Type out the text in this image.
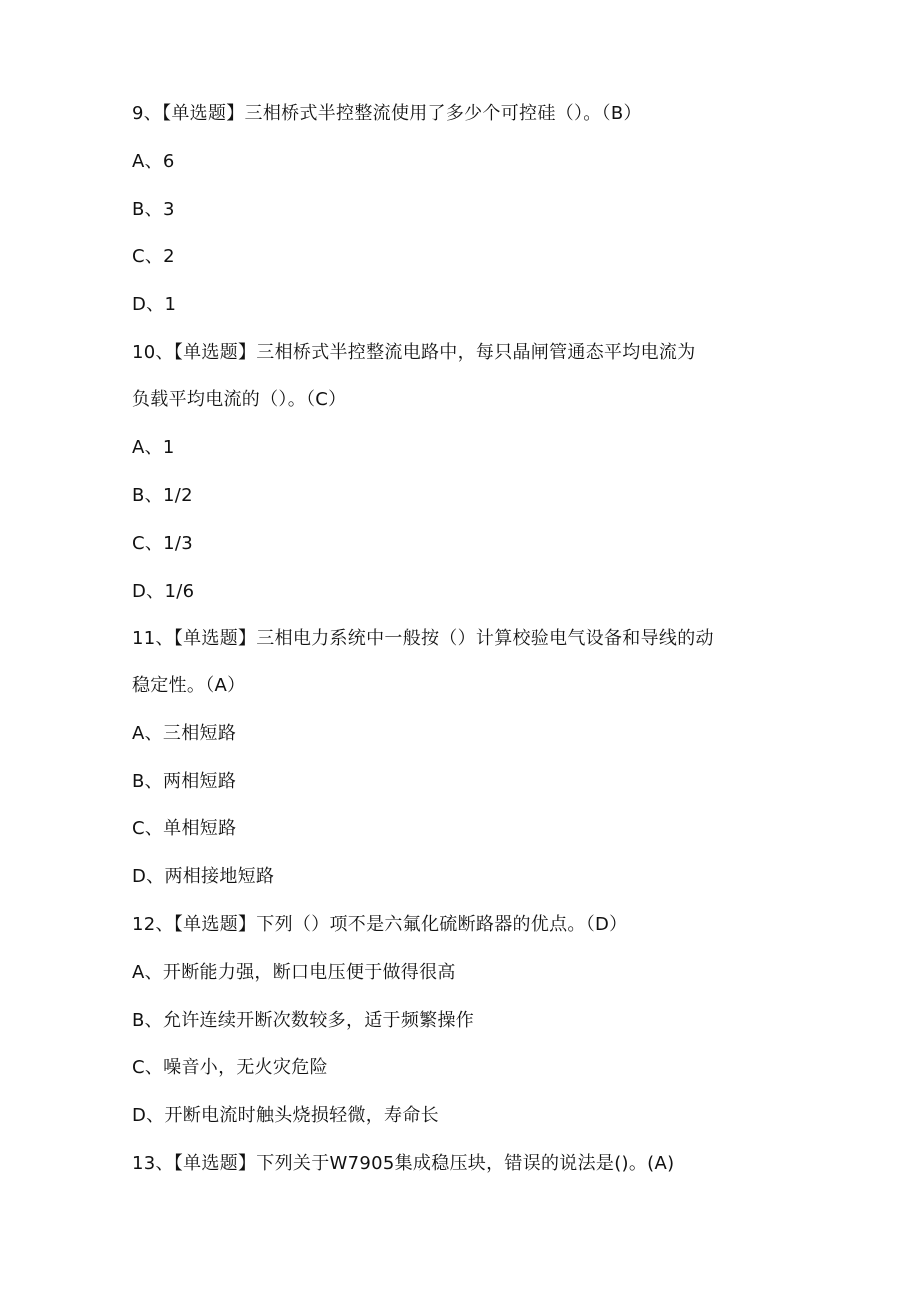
9、【单选题】三相桥式半控整流使用了多少个可控硅（）。（B）
A、6
B、3
C、2
D、1
10、【单选题】三相桥式半控整流电路中，每只晶闸管通态平均电流为
负载平均电流的（）。（C）
A、1
B、1/2
C、1/3
D、1/6
11、【单选题】三相电力系统中一般按（）计算校验电气设备和导线的动
稳定性。（A）
A、三相短路
B、两相短路
C、单相短路
D、两相接地短路
12、【单选题】下列（）项不是六氟化硫断路器的优点。（D）
A、开断能力强，断口电压便于做得很高
B、允许连续开断次数较多，适于频繁操作
C、噪音小，无火灾危险
D、开断电流时触头烧损轻微，寿命长
13、【单选题】下列关于W7905集成稳压块，错误的说法是()。(A)
